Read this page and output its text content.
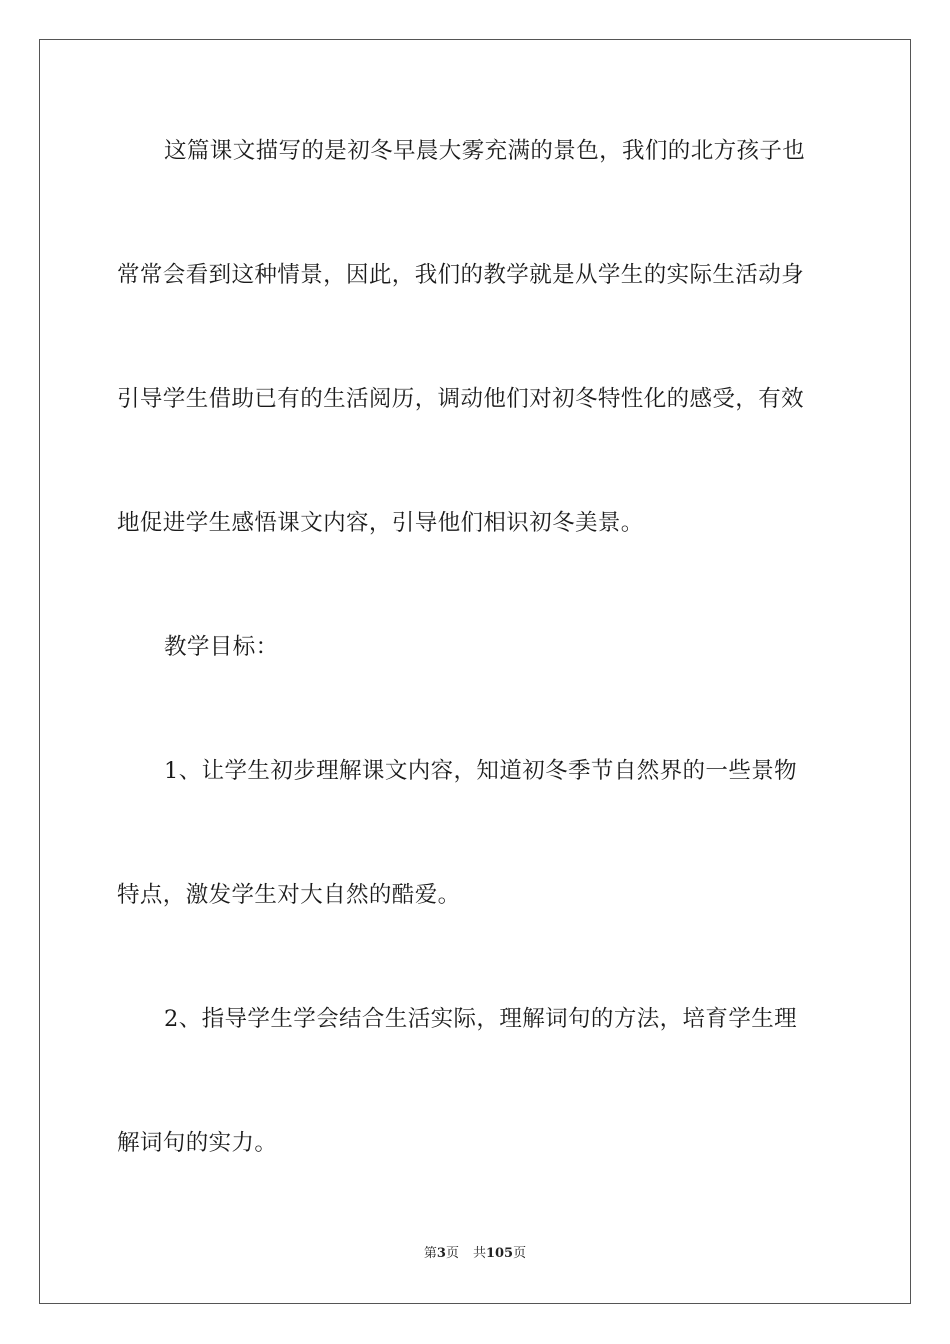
这篇课文描写的是初冬早晨大雾充满的景色，我们的北方孩子也
常常会看到这种情景，因此，我们的教学就是从学生的实际生活动身
引导学生借助已有的生活阅历，调动他们对初冬特性化的感受，有效
地促进学生感悟课文内容，引导他们相识初冬美景。
教学目标：
1、让学生初步理解课文内容，知道初冬季节自然界的一些景物
特点，激发学生对大自然的酷爱。
2、指导学生学会结合生活实际，理解词句的方法，培育学生理
解词句的实力。
第3页 共105页
